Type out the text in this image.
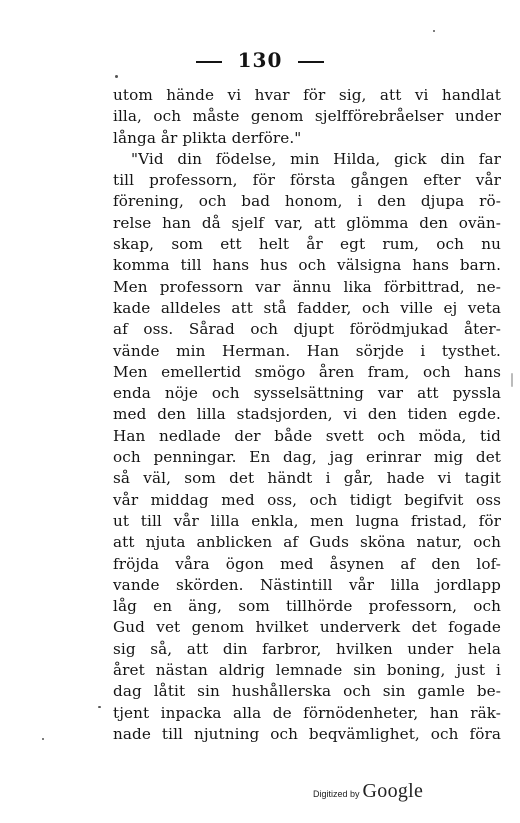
130
utom hände vi hvar för sig, att vi handlat
illa, och måste genom sjelfförebråelser under
långa år plikta derföre."
"Vid din födelse, min Hilda, gick din far
till professorn, för första gången efter vår
förening, och bad honom, i den djupa rö-
relse han då sjelf var, att glömma den ovän-
skap, som ett helt år egt rum, och nu
komma till hans hus och välsigna hans barn.
Men professorn var ännu lika förbittrad, ne-
kade alldeles att stå fadder, och ville ej veta
af oss. Sårad och djupt förödmjukad åter-
vände min Herman. Han sörjde i tysthet.
Men emellertid smögo åren fram, och hans
enda nöje och sysselsättning var att pyssla
med den lilla stadsjorden, vi den tiden egde.
Han nedlade der både svett och möda, tid
och penningar. En dag, jag erinrar mig det
så väl, som det händt i går, hade vi tagit
vår middag med oss, och tidigt begifvit oss
ut till vår lilla enkla, men lugna fristad, för
att njuta anblicken af Guds sköna natur, och
fröjda våra ögon med åsynen af den lof-
vande skörden. Nästintill vår lilla jordlapp
låg en äng, som tillhörde professorn, och
Gud vet genom hvilket underverk det fogade
sig så, att din farbror, hvilken under hela
året nästan aldrig lemnade sin boning, just i
dag låtit sin hushållerska och sin gamle be-
tjent inpacka alla de förnödenheter, han räk-
nade till njutning och beqvämlighet, och föra
Digitized by Google
